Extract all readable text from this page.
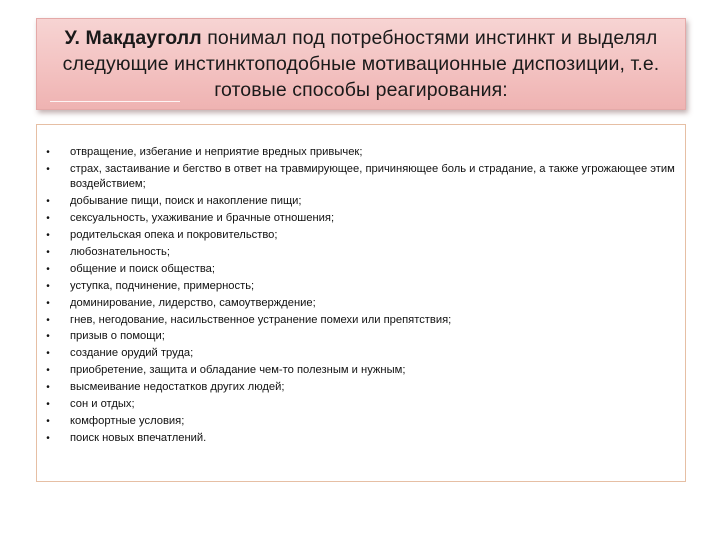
У. Макдауголл понимал под потребностями инстинкт и выделял следующие инстинктоподобные мотивационные диспозиции, т.е. готовые способы реагирования:
• отвращение, избегание и неприятие вредных привычек;
• страх, застаивание и бегство в ответ на травмирующее, причиняющее боль и страдание, а также угрожающее этим воздействием;
• добывание пищи, поиск и накопление пищи;
• сексуальность, ухаживание и брачные отношения;
• родительская опека и покровительство;
• любознательность;
• общение и поиск общества;
• уступка, подчинение, примерность;
• доминирование, лидерство, самоутверждение;
• гнев, негодование, насильственное устранение помехи или препятствия;
• призыв о помощи;
• создание орудий труда;
• приобретение, защита и обладание чем-то полезным и нужным;
• высмеивание недостатков других людей;
• сон и отдых;
• комфортные условия;
• поиск новых впечатлений.
